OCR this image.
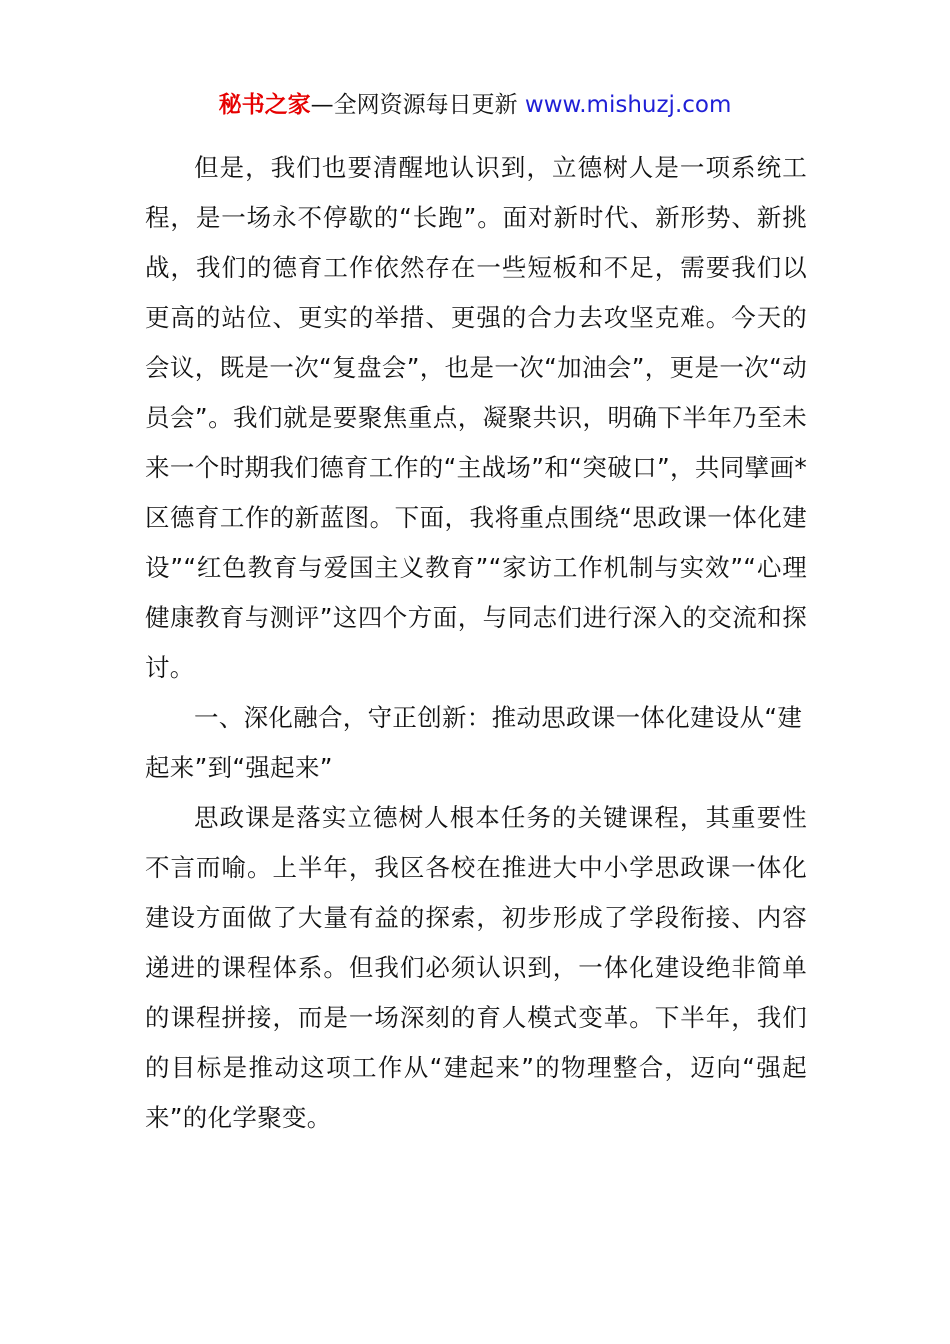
秘书之家—全网资源每日更新 www.mishuzj.com

但是，我们也要清醒地认识到，立德树人是一项系统工程，是一场永不停歇的“长跑”。面对新时代、新形势、新挑战，我们的德育工作依然存在一些短板和不足，需要我们以更高的站位、更实的举措、更强的合力去攻坚克难。今天的会议，既是一次“复盘会”，也是一次“加油会”，更是一次“动员会”。我们就是要聚焦重点，凝聚共识，明确下半年乃至未来一个时期我们德育工作的“主战场”和“突破口”，共同擘画*区德育工作的新蓝图。下面，我将重点围绕“思政课一体化建设”“红色教育与爱国主义教育”“家访工作机制与实效”“心理健康教育与测评”这四个方面，与同志们进行深入的交流和探讨。

一、深化融合，守正创新：推动思政课一体化建设从“建起来”到“强起来”

思政课是落实立德树人根本任务的关键课程，其重要性不言而喻。上半年，我区各校在推进大中小学思政课一体化建设方面做了大量有益的探索，初步形成了学段衔接、内容递进的课程体系。但我们必须认识到，一体化建设绝非简单的课程拼接，而是一场深刻的育人模式变革。下半年，我们的目标是推动这项工作从“建起来”的物理整合，迈向“强起来”的化学聚变。
